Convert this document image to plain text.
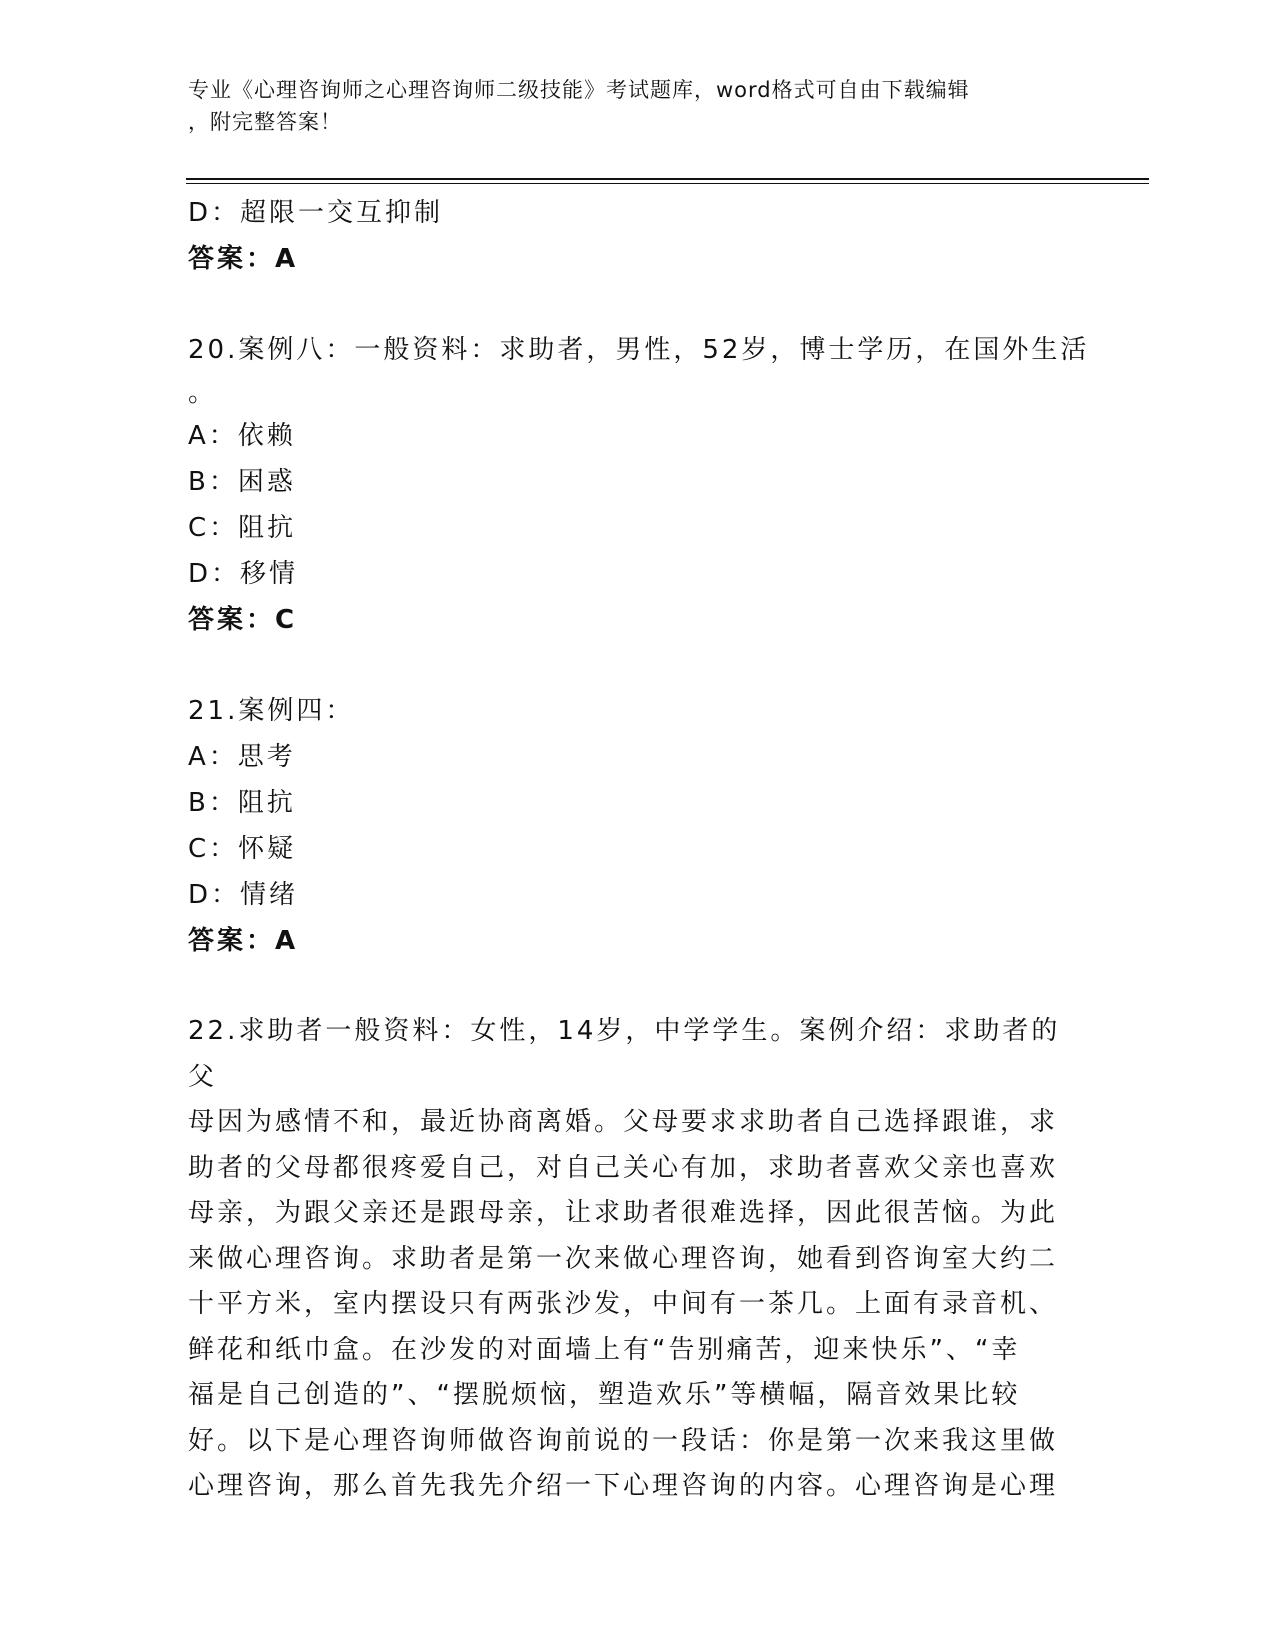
专业《心理咨询师之心理咨询师二级技能》考试题库，word格式可自由下载编辑

，附完整答案！

D：超限一交互抑制
答案：A
20.案例八：一般资料：求助者，男性，52岁，博士学历，在国外生活
。
A：依赖
B：困惑
C：阻抗
D：移情
答案：C
21.案例四：
A：思考
B：阻抗
C：怀疑
D：情绪
答案：A

22.求助者一般资料：女性，14岁，中学学生。案例介绍：求助者的父

母因为感情不和，最近协商离婚。父母要求求助者自己选择跟谁，求

助者的父母都很疼爱自己，对自己关心有加，求助者喜欢父亲也喜欢

母亲，为跟父亲还是跟母亲，让求助者很难选择，因此很苦恼。为此

来做心理咨询。求助者是第一次来做心理咨询，她看到咨询室大约二

十平方米，室内摆设只有两张沙发，中间有一茶几。上面有录音机、

鲜花和纸巾盒。在沙发的对面墙上有“告别痛苦，迎来快乐”、“幸

福是自己创造的”、“摆脱烦恼，塑造欢乐”等横幅，隔音效果比较

好。以下是心理咨询师做咨询前说的一段话：你是第一次来我这里做

心理咨询，那么首先我先介绍一下心理咨询的内容。心理咨询是心理
